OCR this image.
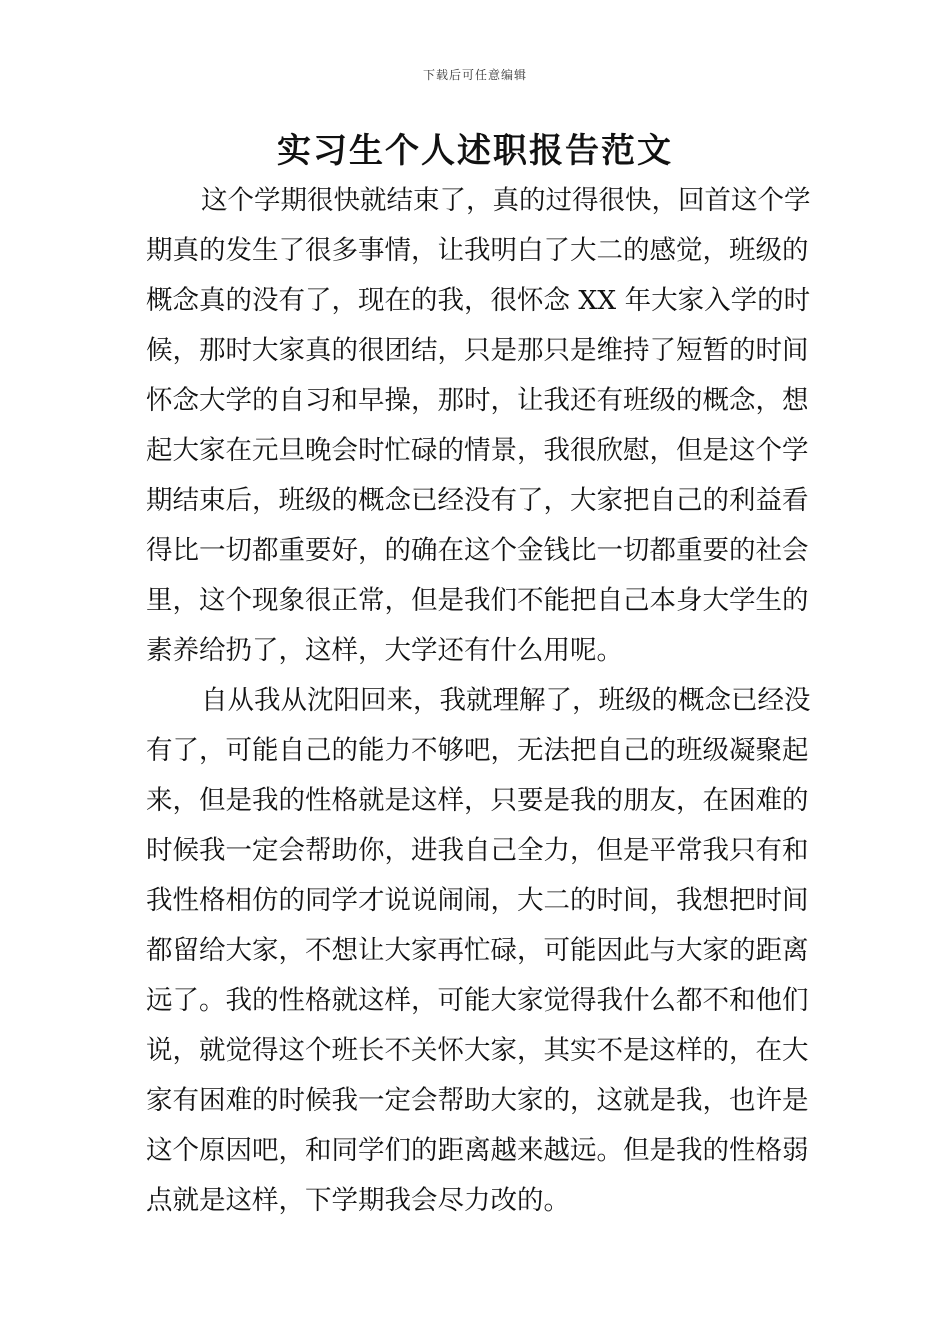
下载后可任意编辑
实习生个人述职报告范文
这个学期很快就结束了，真的过得很快，回首这个学
期真的发生了很多事情，让我明白了大二的感觉，班级的
概念真的没有了，现在的我，很怀念 XX 年大家入学的时
候，那时大家真的很团结，只是那只是维持了短暂的时间
怀念大学的自习和早操，那时，让我还有班级的概念，想
起大家在元旦晚会时忙碌的情景，我很欣慰，但是这个学
期结束后，班级的概念已经没有了，大家把自己的利益看
得比一切都重要好，的确在这个金钱比一切都重要的社会
里，这个现象很正常，但是我们不能把自己本身大学生的
素养给扔了，这样，大学还有什么用呢。
自从我从沈阳回来，我就理解了，班级的概念已经没
有了，可能自己的能力不够吧，无法把自己的班级凝聚起
来，但是我的性格就是这样，只要是我的朋友，在困难的
时候我一定会帮助你，进我自己全力，但是平常我只有和
我性格相仿的同学才说说闹闹，大二的时间，我想把时间
都留给大家，不想让大家再忙碌，可能因此与大家的距离
远了。我的性格就这样，可能大家觉得我什么都不和他们
说，就觉得这个班长不关怀大家，其实不是这样的，在大
家有困难的时候我一定会帮助大家的，这就是我，也许是
这个原因吧，和同学们的距离越来越远。但是我的性格弱
点就是这样，下学期我会尽力改的。
